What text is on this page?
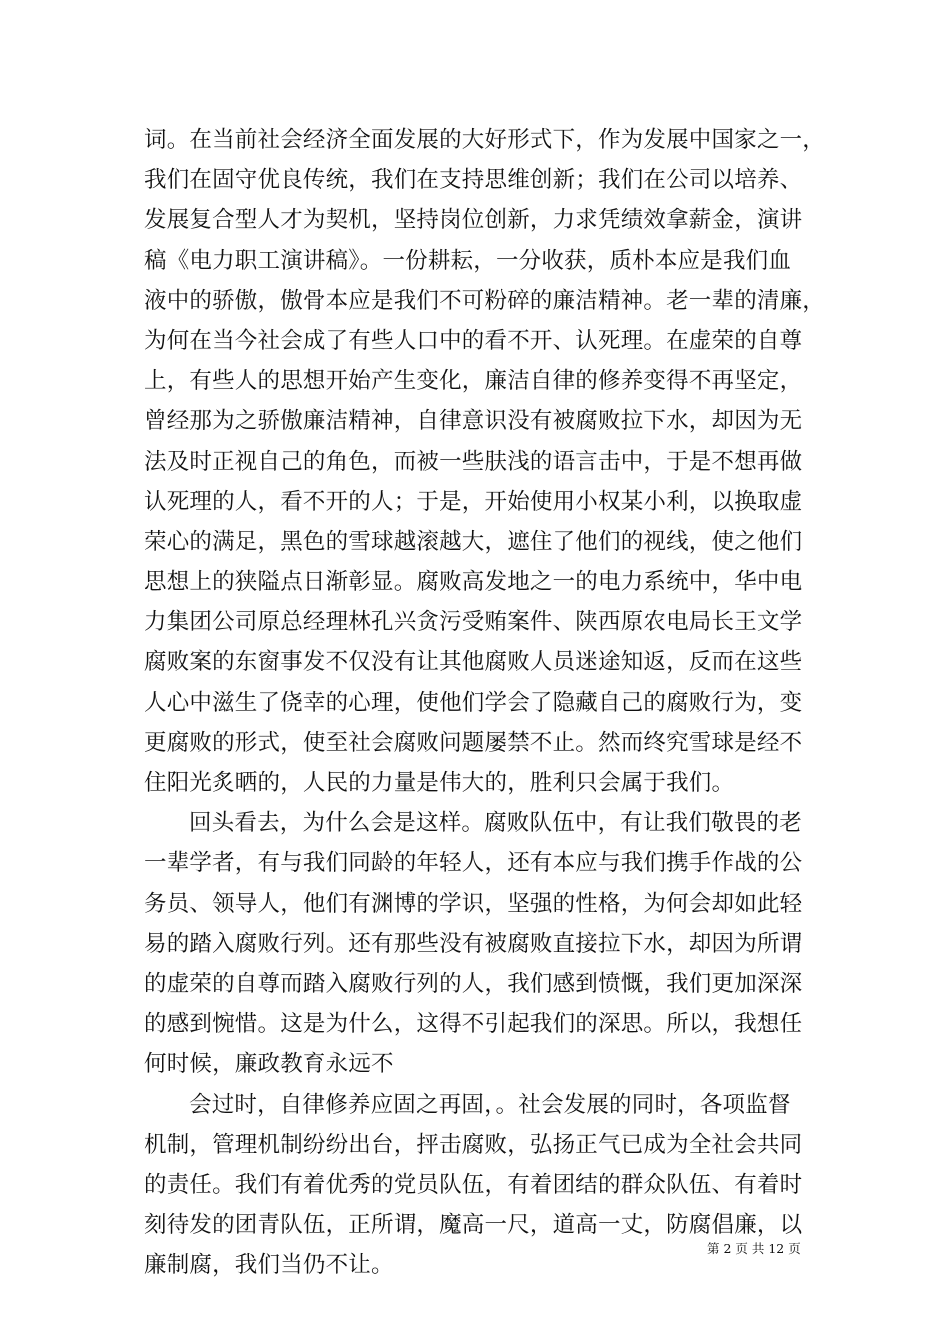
词。在当前社会经济全面发展的大好形式下，作为发展中国家之一，
我们在固守优良传统，我们在支持思维创新；我们在公司以培养、
发展复合型人才为契机，坚持岗位创新，力求凭绩效拿薪金，演讲
稿《电力职工演讲稿》。一份耕耘，一分收获，质朴本应是我们血
液中的骄傲，傲骨本应是我们不可粉碎的廉洁精神。老一辈的清廉，
为何在当今社会成了有些人口中的看不开、认死理。在虚荣的自尊
上，有些人的思想开始产生变化，廉洁自律的修养变得不再坚定，
曾经那为之骄傲廉洁精神，自律意识没有被腐败拉下水，却因为无
法及时正视自己的角色，而被一些肤浅的语言击中，于是不想再做
认死理的人，看不开的人；于是，开始使用小权某小利，以换取虚
荣心的满足，黑色的雪球越滚越大，遮住了他们的视线，使之他们
思想上的狭隘点日渐彰显。腐败高发地之一的电力系统中，华中电
力集团公司原总经理林孔兴贪污受贿案件、陕西原农电局长王文学
腐败案的东窗事发不仅没有让其他腐败人员迷途知返，反而在这些
人心中滋生了侥幸的心理，使他们学会了隐藏自己的腐败行为，变
更腐败的形式，使至社会腐败问题屡禁不止。然而终究雪球是经不
住阳光炙晒的，人民的力量是伟大的，胜利只会属于我们。
回头看去，为什么会是这样。腐败队伍中，有让我们敬畏的老
一辈学者，有与我们同龄的年轻人，还有本应与我们携手作战的公
务员、领导人，他们有渊博的学识，坚强的性格，为何会却如此轻
易的踏入腐败行列。还有那些没有被腐败直接拉下水，却因为所谓
的虚荣的自尊而踏入腐败行列的人，我们感到愤慨，我们更加深深
的感到惋惜。这是为什么，这得不引起我们的深思。所以，我想任
何时候，廉政教育永远不
会过时，自律修养应固之再固，。社会发展的同时，各项监督
机制，管理机制纷纷出台，抨击腐败，弘扬正气已成为全社会共同
的责任。我们有着优秀的党员队伍，有着团结的群众队伍、有着时
刻待发的团青队伍，正所谓，魔高一尺，道高一丈，防腐倡廉，以
廉制腐，我们当仍不让。
第 2 页 共 12 页
